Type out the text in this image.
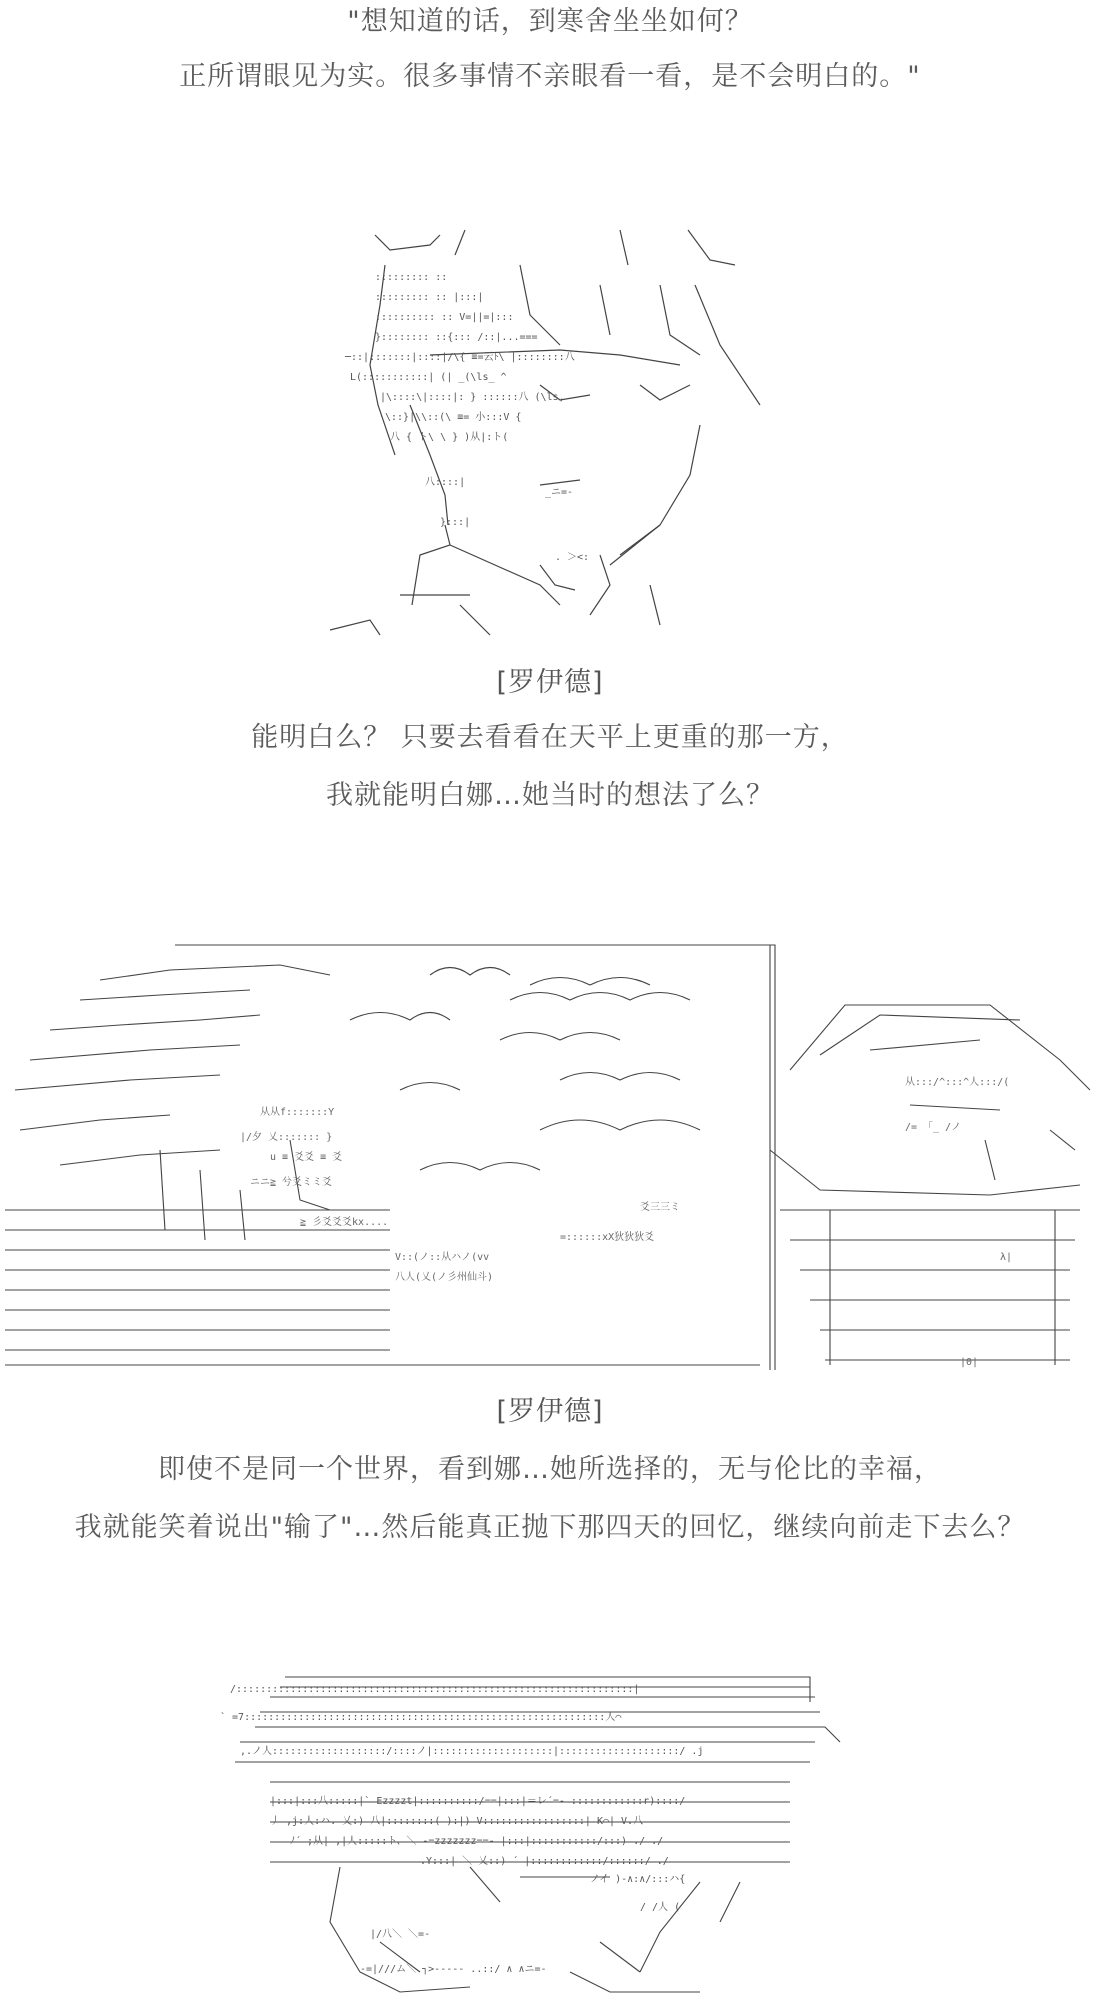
"想知道的话，到寒舍坐坐如何？
正所谓眼见为实。很多事情不亲眼看一看，是不会明白的。"
::::::::: ::
::::::::: :: |:::|
:::::::::: :: V=||=|:::
}:::::::: ::{::: /::|...===
─::|:::::::|::::|/\{ ≡=云ﾄ\ |::::::::八
L(:::::::::::| (| _(\ls_ ^
|\::::\|::::|: } ::::::八 (\ls,
\::}|\\::(\ ≡= 小:::V {
八 { ト\ \ } )从|:ト(
八::::|
}:::|
_ニ=‐
. ＞<:
[罗伊德]
能明白么？ 只要去看看在天平上更重的那一方，
我就能明白娜…她当时的想法了么？
从从f:::::::Y
|/夕 乂::::::: }
u ≡ 爻爻 ≡ 爻
ニニ≧ 兮爻ミミ爻
≧ 彡爻爻爻kx....
V::(ノ::从ハノ(vv
八人(乂(ノ彡州仙斗)
=::::::xX狄狄狄爻
爻三三ミ
从:::/^:::^人:::/(
/= 「_ /ノ
λ|
|0|
[罗伊德]
即使不是同一个世界，看到娜…她所选择的，无与伦比的幸福，
我就能笑着说出"输了"…然后能真正抛下那四天的回忆，继续向前走下去么？
/::::::::::::::::::::::::::::::::::::::::::::::::::::::::::::::::::|
` =7::::::::::::::::::::::::::::::::::::::::::::::::::::::::::::人⌒
,.ノ人:::::::::::::::::::/::::ノ|::::::::::::::::::::|::::::::::::::::::::/ .j
|:::|:::八:::::|` Ezzzzt|::::::::::/==|:::|＝レ´=‐ ::::::::::::r)::::/
丿 ,j:人:ハ. 乂:) 八|::::::::( ):|) V:::::::::::::::::| K⌒| V.八
ﾉ´ ;从| ,|人:::::ト、＼ ‐=zzzzzzz==‐ |:::|:::::::::::/:::) ./ ./
.Y:::| ＼ 乂::) ´ |::::::::::::/::::::/ ./
ノイ )-∧:∧/:::ハ{
/ /人 (
|/八＼ ＼=-
-=|///ム＼ ┐>‐---‐ ..::/ ∧ ∧ニ=-
